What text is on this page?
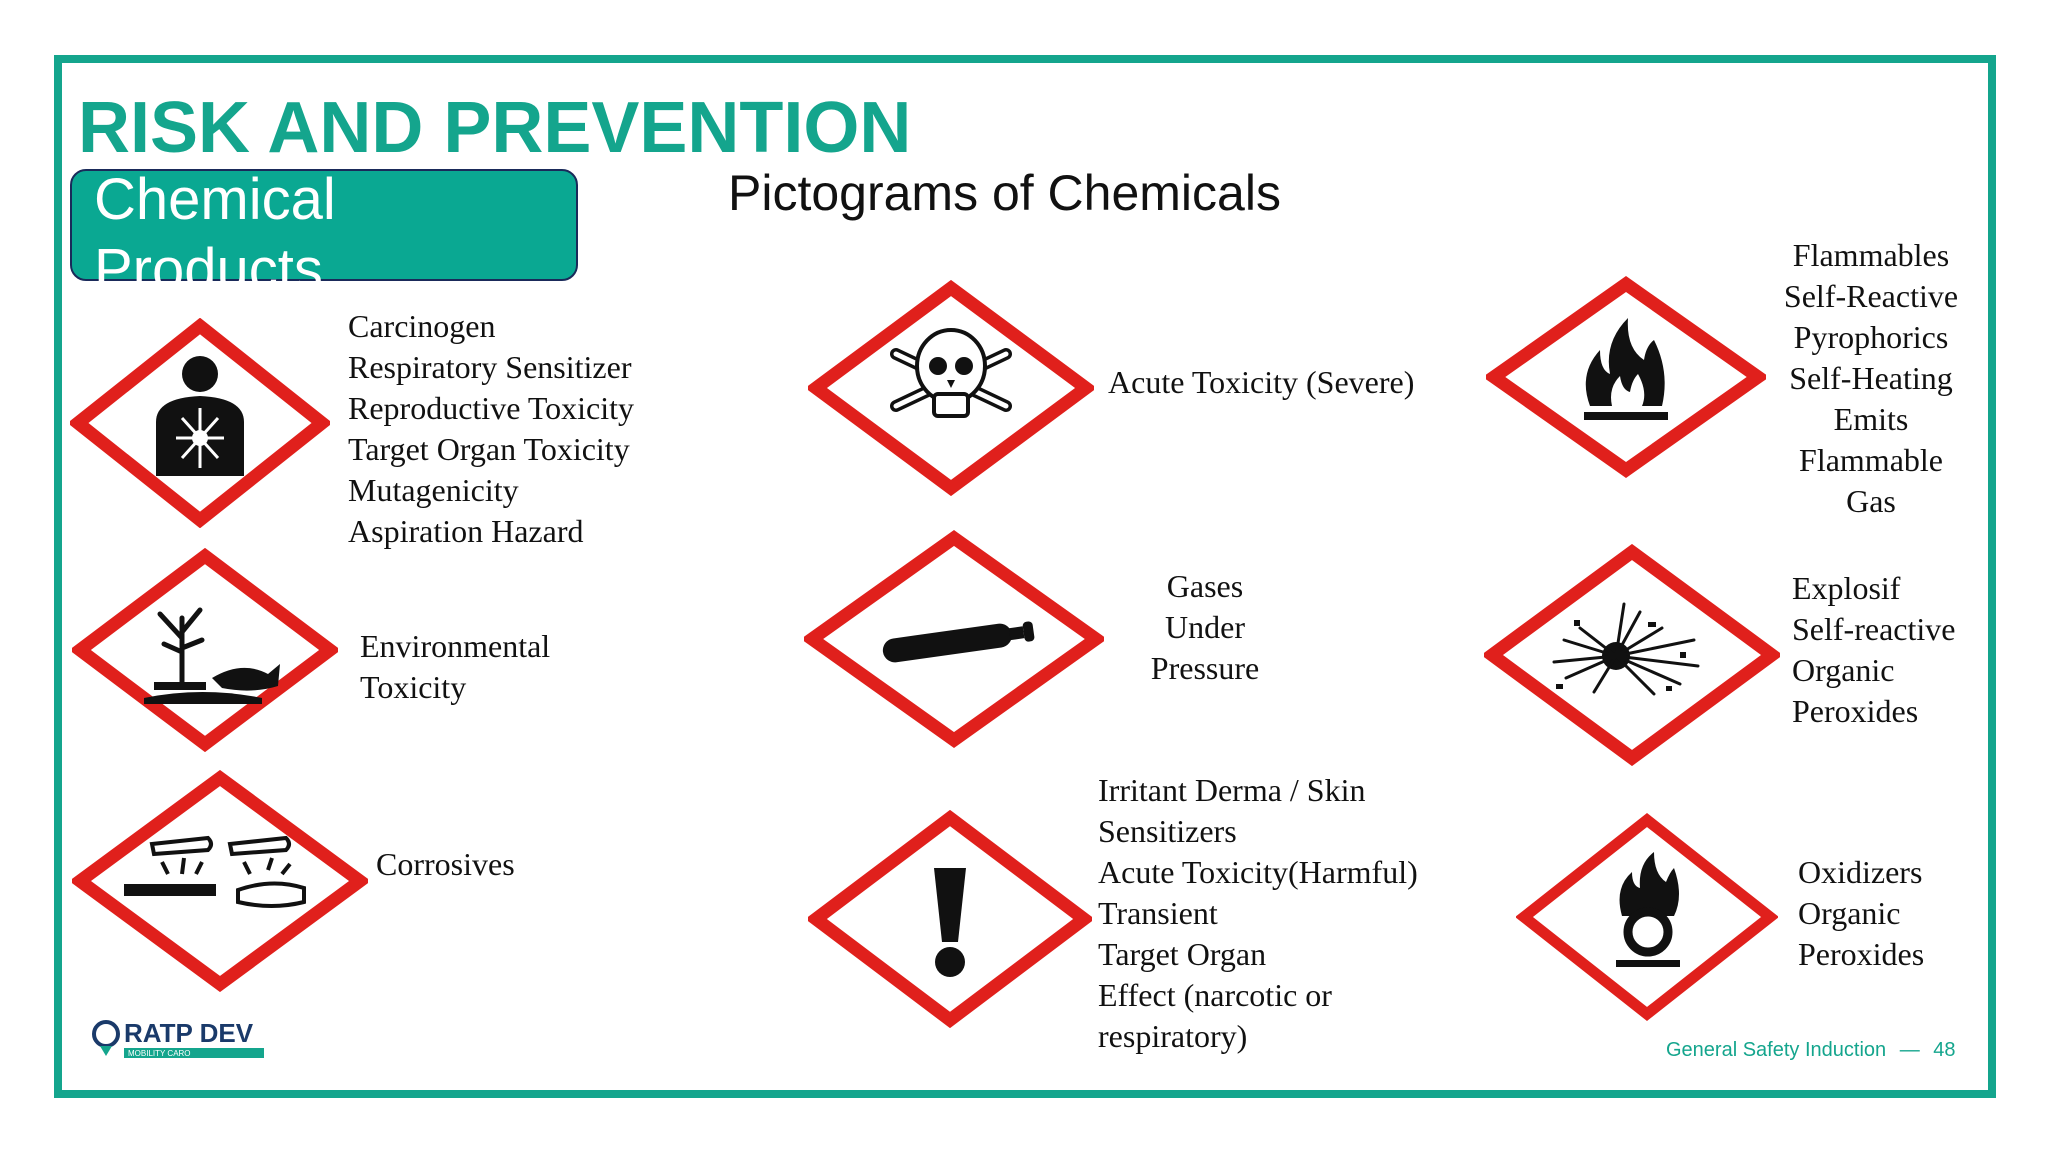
RISK AND PREVENTION
Chemical Products
Pictograms of Chemicals
Carcinogen
Respiratory Sensitizer
Reproductive Toxicity
Target Organ Toxicity
Mutagenicity
Aspiration Hazard
Environmental
Toxicity
Corrosives
Acute Toxicity (Severe)
Gases
Under
Pressure
Irritant Derma / Skin
Sensitizers
Acute Toxicity(Harmful)
Transient
Target Organ
Effect (narcotic or
respiratory)
Flammables
Self-Reactive
Pyrophorics
Self-Heating
Emits
Flammable
Gas
Explosif
Self-reactive
Organic
Peroxides
Oxidizers
Organic
Peroxides
RATP DEV
MOBILITY CARO	General Safety Induction — 48
